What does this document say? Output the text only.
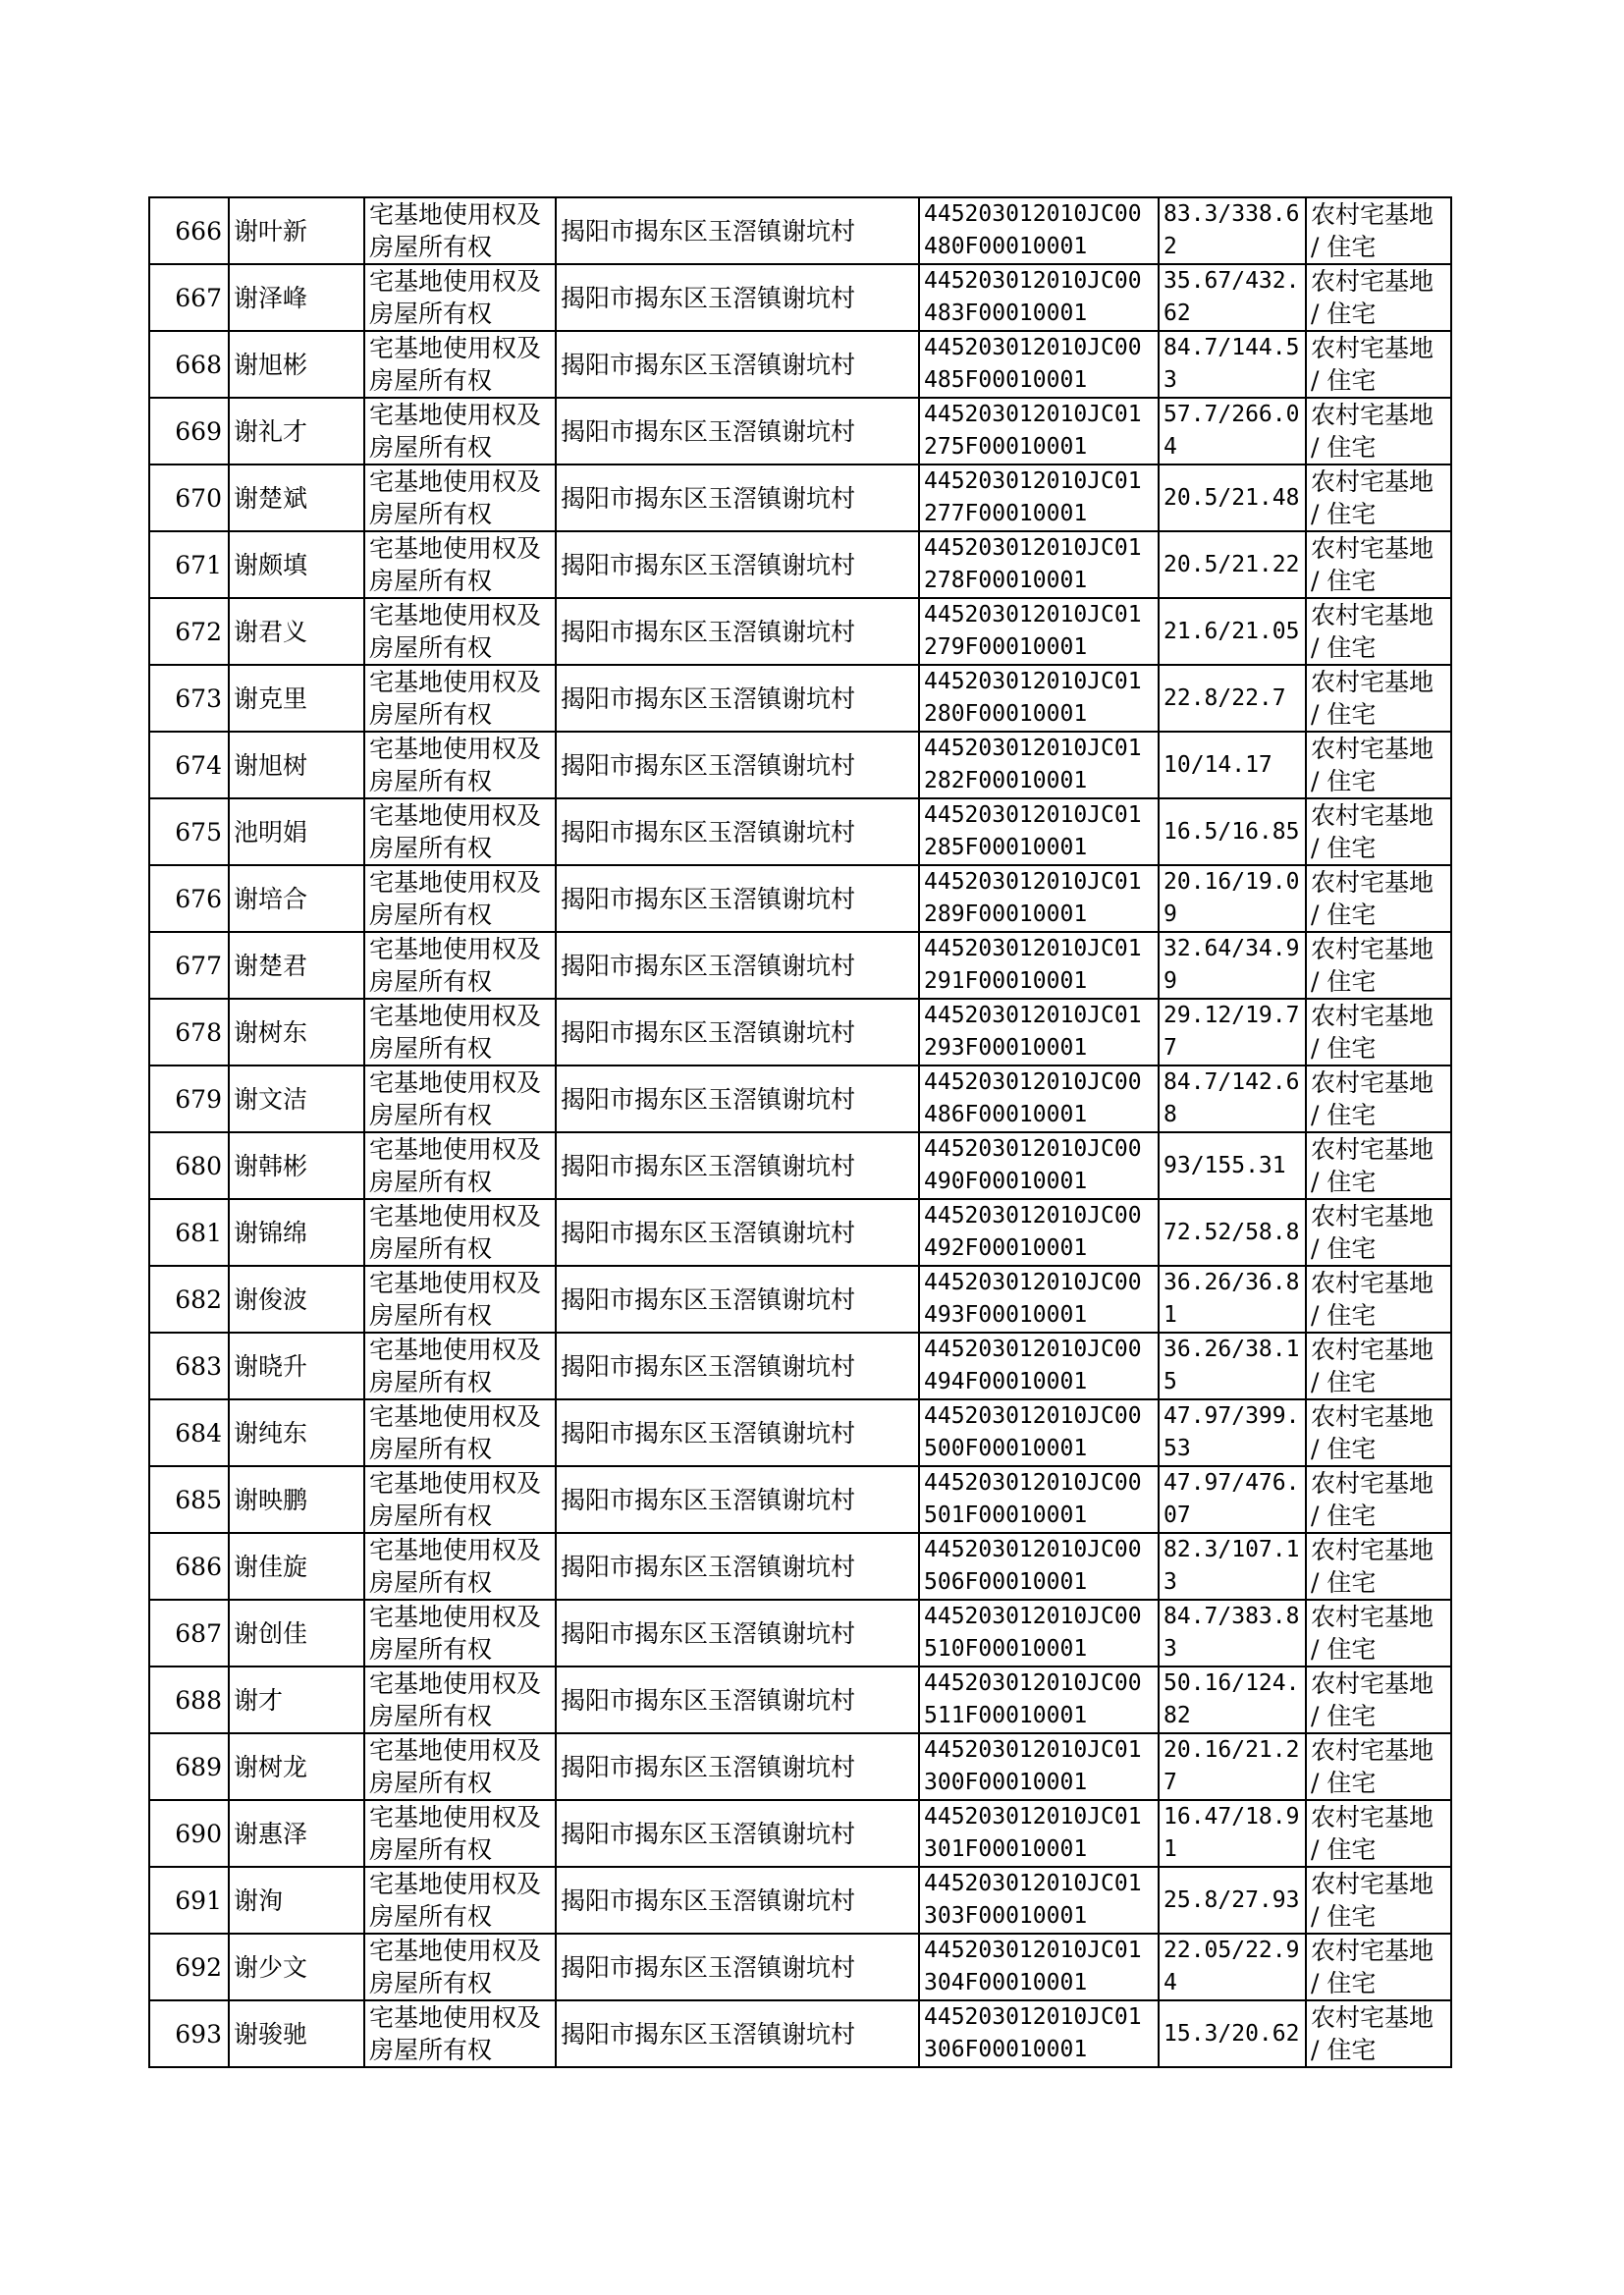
666	谢叶新	宅基地使用权及房屋所有权	揭阳市揭东区玉滘镇谢坑村	445203012010JC00480F00010001	83.3/338.62	农村宅基地 / 住宅
667	谢泽峰	宅基地使用权及房屋所有权	揭阳市揭东区玉滘镇谢坑村	445203012010JC00483F00010001	35.67/432.62	农村宅基地 / 住宅
668	谢旭彬	宅基地使用权及房屋所有权	揭阳市揭东区玉滘镇谢坑村	445203012010JC00485F00010001	84.7/144.53	农村宅基地 / 住宅
669	谢礼才	宅基地使用权及房屋所有权	揭阳市揭东区玉滘镇谢坑村	445203012010JC01275F00010001	57.7/266.04	农村宅基地 / 住宅
670	谢楚斌	宅基地使用权及房屋所有权	揭阳市揭东区玉滘镇谢坑村	445203012010JC01277F00010001	20.5/21.48	农村宅基地 / 住宅
671	谢颇填	宅基地使用权及房屋所有权	揭阳市揭东区玉滘镇谢坑村	445203012010JC01278F00010001	20.5/21.22	农村宅基地 / 住宅
672	谢君义	宅基地使用权及房屋所有权	揭阳市揭东区玉滘镇谢坑村	445203012010JC01279F00010001	21.6/21.05	农村宅基地 / 住宅
673	谢克里	宅基地使用权及房屋所有权	揭阳市揭东区玉滘镇谢坑村	445203012010JC01280F00010001	22.8/22.7	农村宅基地 / 住宅
674	谢旭树	宅基地使用权及房屋所有权	揭阳市揭东区玉滘镇谢坑村	445203012010JC01282F00010001	10/14.17	农村宅基地 / 住宅
675	池明娟	宅基地使用权及房屋所有权	揭阳市揭东区玉滘镇谢坑村	445203012010JC01285F00010001	16.5/16.85	农村宅基地 / 住宅
676	谢培合	宅基地使用权及房屋所有权	揭阳市揭东区玉滘镇谢坑村	445203012010JC01289F00010001	20.16/19.09	农村宅基地 / 住宅
677	谢楚君	宅基地使用权及房屋所有权	揭阳市揭东区玉滘镇谢坑村	445203012010JC01291F00010001	32.64/34.99	农村宅基地 / 住宅
678	谢树东	宅基地使用权及房屋所有权	揭阳市揭东区玉滘镇谢坑村	445203012010JC01293F00010001	29.12/19.77	农村宅基地 / 住宅
679	谢文洁	宅基地使用权及房屋所有权	揭阳市揭东区玉滘镇谢坑村	445203012010JC00486F00010001	84.7/142.68	农村宅基地 / 住宅
680	谢韩彬	宅基地使用权及房屋所有权	揭阳市揭东区玉滘镇谢坑村	445203012010JC00490F00010001	93/155.31	农村宅基地 / 住宅
681	谢锦绵	宅基地使用权及房屋所有权	揭阳市揭东区玉滘镇谢坑村	445203012010JC00492F00010001	72.52/58.8	农村宅基地 / 住宅
682	谢俊波	宅基地使用权及房屋所有权	揭阳市揭东区玉滘镇谢坑村	445203012010JC00493F00010001	36.26/36.81	农村宅基地 / 住宅
683	谢晓升	宅基地使用权及房屋所有权	揭阳市揭东区玉滘镇谢坑村	445203012010JC00494F00010001	36.26/38.15	农村宅基地 / 住宅
684	谢纯东	宅基地使用权及房屋所有权	揭阳市揭东区玉滘镇谢坑村	445203012010JC00500F00010001	47.97/399.53	农村宅基地 / 住宅
685	谢映鹏	宅基地使用权及房屋所有权	揭阳市揭东区玉滘镇谢坑村	445203012010JC00501F00010001	47.97/476.07	农村宅基地 / 住宅
686	谢佳旋	宅基地使用权及房屋所有权	揭阳市揭东区玉滘镇谢坑村	445203012010JC00506F00010001	82.3/107.13	农村宅基地 / 住宅
687	谢创佳	宅基地使用权及房屋所有权	揭阳市揭东区玉滘镇谢坑村	445203012010JC00510F00010001	84.7/383.83	农村宅基地 / 住宅
688	谢才	宅基地使用权及房屋所有权	揭阳市揭东区玉滘镇谢坑村	445203012010JC00511F00010001	50.16/124.82	农村宅基地 / 住宅
689	谢树龙	宅基地使用权及房屋所有权	揭阳市揭东区玉滘镇谢坑村	445203012010JC01300F00010001	20.16/21.27	农村宅基地 / 住宅
690	谢惠泽	宅基地使用权及房屋所有权	揭阳市揭东区玉滘镇谢坑村	445203012010JC01301F00010001	16.47/18.91	农村宅基地 / 住宅
691	谢洵	宅基地使用权及房屋所有权	揭阳市揭东区玉滘镇谢坑村	445203012010JC01303F00010001	25.8/27.93	农村宅基地 / 住宅
692	谢少文	宅基地使用权及房屋所有权	揭阳市揭东区玉滘镇谢坑村	445203012010JC01304F00010001	22.05/22.94	农村宅基地 / 住宅
693	谢骏驰	宅基地使用权及房屋所有权	揭阳市揭东区玉滘镇谢坑村	445203012010JC01306F00010001	15.3/20.62	农村宅基地 / 住宅
